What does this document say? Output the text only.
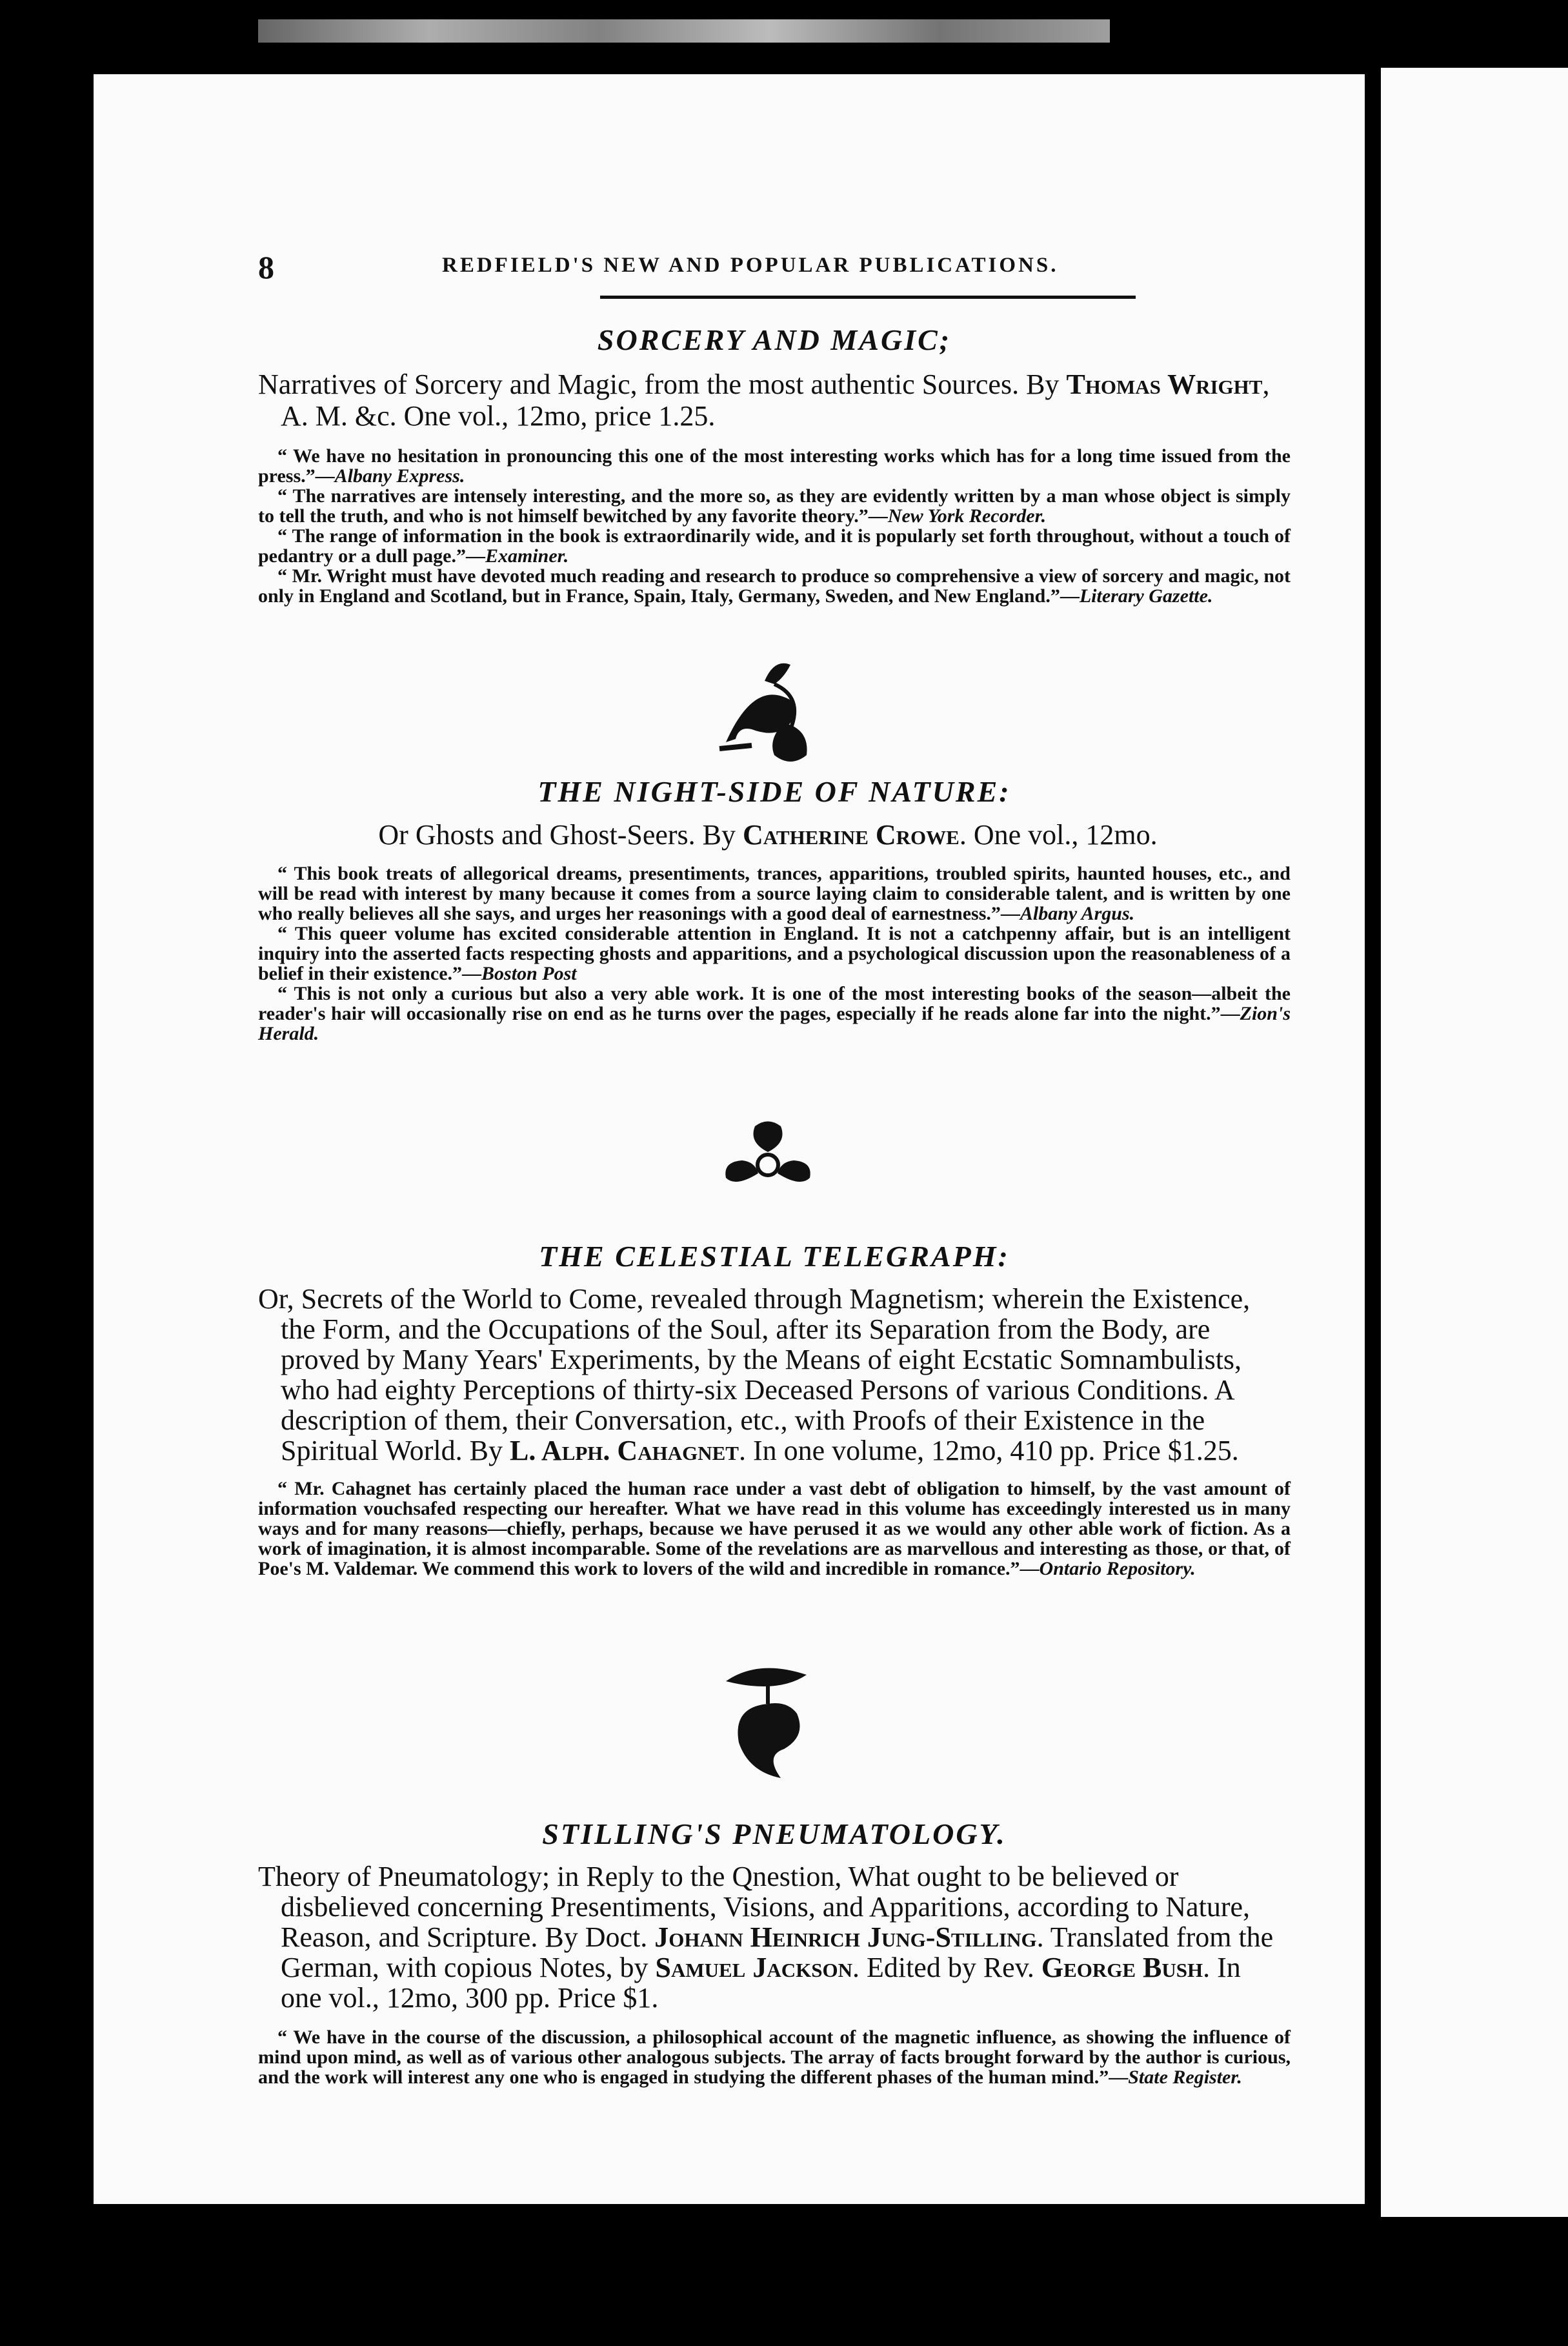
8	REDFIELD'S NEW AND POPULAR PUBLICATIONS.

SORCERY AND MAGIC;

Narratives of Sorcery and Magic, from the most authentic Sources. By Thomas Wright, A. M. &c. One vol., 12mo, price 1.25.

“ We have no hesitation in pronouncing this one of the most interesting works which has for a long time issued from the press.”—Albany Express.

“ The narratives are intensely interesting, and the more so, as they are evidently written by a man whose object is simply to tell the truth, and who is not himself bewitched by any favorite theory.”—New York Recorder.

“ The range of information in the book is extraordinarily wide, and it is popularly set forth throughout, without a touch of pedantry or a dull page.”—Examiner.

“ Mr. Wright must have devoted much reading and research to produce so comprehensive a view of sorcery and magic, not only in England and Scotland, but in France, Spain, Italy, Germany, Sweden, and New England.”—Literary Gazette.

THE NIGHT-SIDE OF NATURE:

Or Ghosts and Ghost-Seers. By Catherine Crowe. One vol., 12mo.

“ This book treats of allegorical dreams, presentiments, trances, apparitions, troubled spirits, haunted houses, etc., and will be read with interest by many because it comes from a source laying claim to considerable talent, and is written by one who really believes all she says, and urges her reasonings with a good deal of earnestness.”—Albany Argus.

“ This queer volume has excited considerable attention in England. It is not a catchpenny affair, but is an intelligent inquiry into the asserted facts respecting ghosts and apparitions, and a psychological discussion upon the reasonableness of a belief in their existence.”—Boston Post

“ This is not only a curious but also a very able work. It is one of the most interesting books of the season—albeit the reader's hair will occasionally rise on end as he turns over the pages, especially if he reads alone far into the night.”—Zion's Herald.

THE CELESTIAL TELEGRAPH:

Or, Secrets of the World to Come, revealed through Magnetism; wherein the Existence, the Form, and the Occupations of the Soul, after its Separation from the Body, are proved by Many Years' Experiments, by the Means of eight Ecstatic Somnambulists, who had eighty Perceptions of thirty-six Deceased Persons of various Conditions. A description of them, their Conversation, etc., with Proofs of their Existence in the Spiritual World. By L. Alph. Cahagnet. In one volume, 12mo, 410 pp. Price $1.25.

“ Mr. Cahagnet has certainly placed the human race under a vast debt of obligation to himself, by the vast amount of information vouchsafed respecting our hereafter. What we have read in this volume has exceedingly interested us in many ways and for many reasons—chiefly, perhaps, because we have perused it as we would any other able work of fiction. As a work of imagination, it is almost incomparable. Some of the revelations are as marvellous and interesting as those, or that, of Poe's M. Valdemar. We commend this work to lovers of the wild and incredible in romance.”—Ontario Repository.

STILLING'S PNEUMATOLOGY.

Theory of Pneumatology; in Reply to the Qnestion, What ought to be believed or disbelieved concerning Presentiments, Visions, and Apparitions, according to Nature, Reason, and Scripture. By Doct. Johann Heinrich Jung-Stilling. Translated from the German, with copious Notes, by Samuel Jackson. Edited by Rev. George Bush. In one vol., 12mo, 300 pp. Price $1.

“ We have in the course of the discussion, a philosophical account of the magnetic influence, as showing the influence of mind upon mind, as well as of various other analogous subjects. The array of facts brought forward by the author is curious, and the work will interest any one who is engaged in studying the different phases of the human mind.”—State Register.
